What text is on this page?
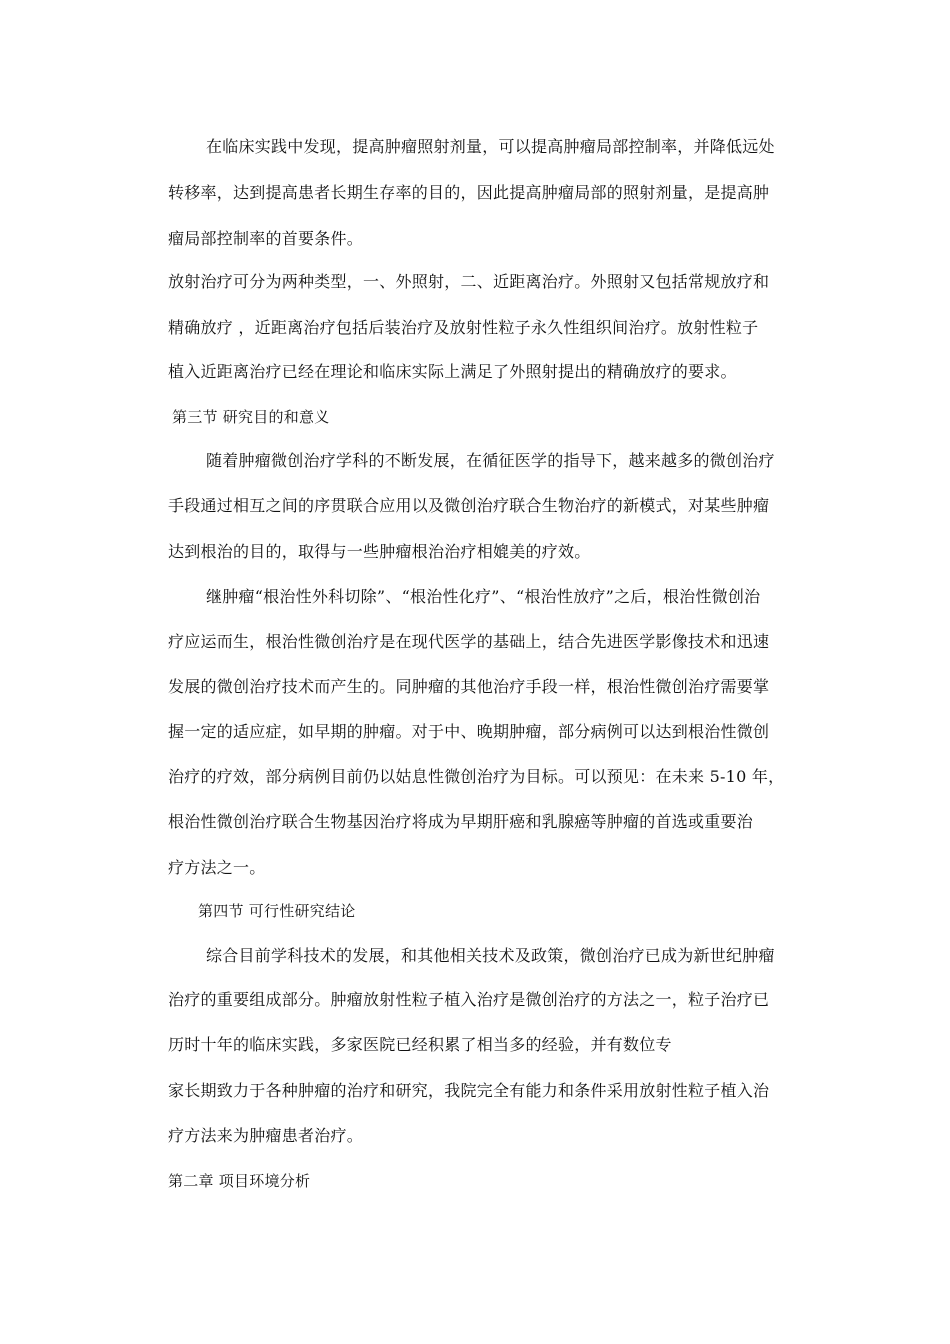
在临床实践中发现，提高肿瘤照射剂量，可以提高肿瘤局部控制率，并降低远处
转移率，达到提高患者长期生存率的目的，因此提高肿瘤局部的照射剂量，是提高肿
瘤局部控制率的首要条件。
放射治疗可分为两种类型，一、外照射，二、近距离治疗。外照射又包括常规放疗和
精确放疗 ，近距离治疗包括后装治疗及放射性粒子永久性组织间治疗。放射性粒子
植入近距离治疗已经在理论和临床实际上满足了外照射提出的精确放疗的要求。
第三节 研究目的和意义
随着肿瘤微创治疗学科的不断发展，在循征医学的指导下，越来越多的微创治疗
手段通过相互之间的序贯联合应用以及微创治疗联合生物治疗的新模式，对某些肿瘤
达到根治的目的，取得与一些肿瘤根治治疗相媲美的疗效。
继肿瘤“根治性外科切除”、“根治性化疗”、“根治性放疗”之后，根治性微创治
疗应运而生，根治性微创治疗是在现代医学的基础上，结合先进医学影像技术和迅速
发展的微创治疗技术而产生的。同肿瘤的其他治疗手段一样，根治性微创治疗需要掌
握一定的适应症，如早期的肿瘤。对于中、晚期肿瘤，部分病例可以达到根治性微创
治疗的疗效，部分病例目前仍以姑息性微创治疗为目标。可以预见：在未来 5-10 年，
根治性微创治疗联合生物基因治疗将成为早期肝癌和乳腺癌等肿瘤的首选或重要治
疗方法之一。
第四节 可行性研究结论
综合目前学科技术的发展，和其他相关技术及政策，微创治疗已成为新世纪肿瘤
治疗的重要组成部分。肿瘤放射性粒子植入治疗是微创治疗的方法之一，粒子治疗已
历时十年的临床实践，多家医院已经积累了相当多的经验，并有数位专
家长期致力于各种肿瘤的治疗和研究，我院完全有能力和条件采用放射性粒子植入治
疗方法来为肿瘤患者治疗。
第二章 项目环境分析
